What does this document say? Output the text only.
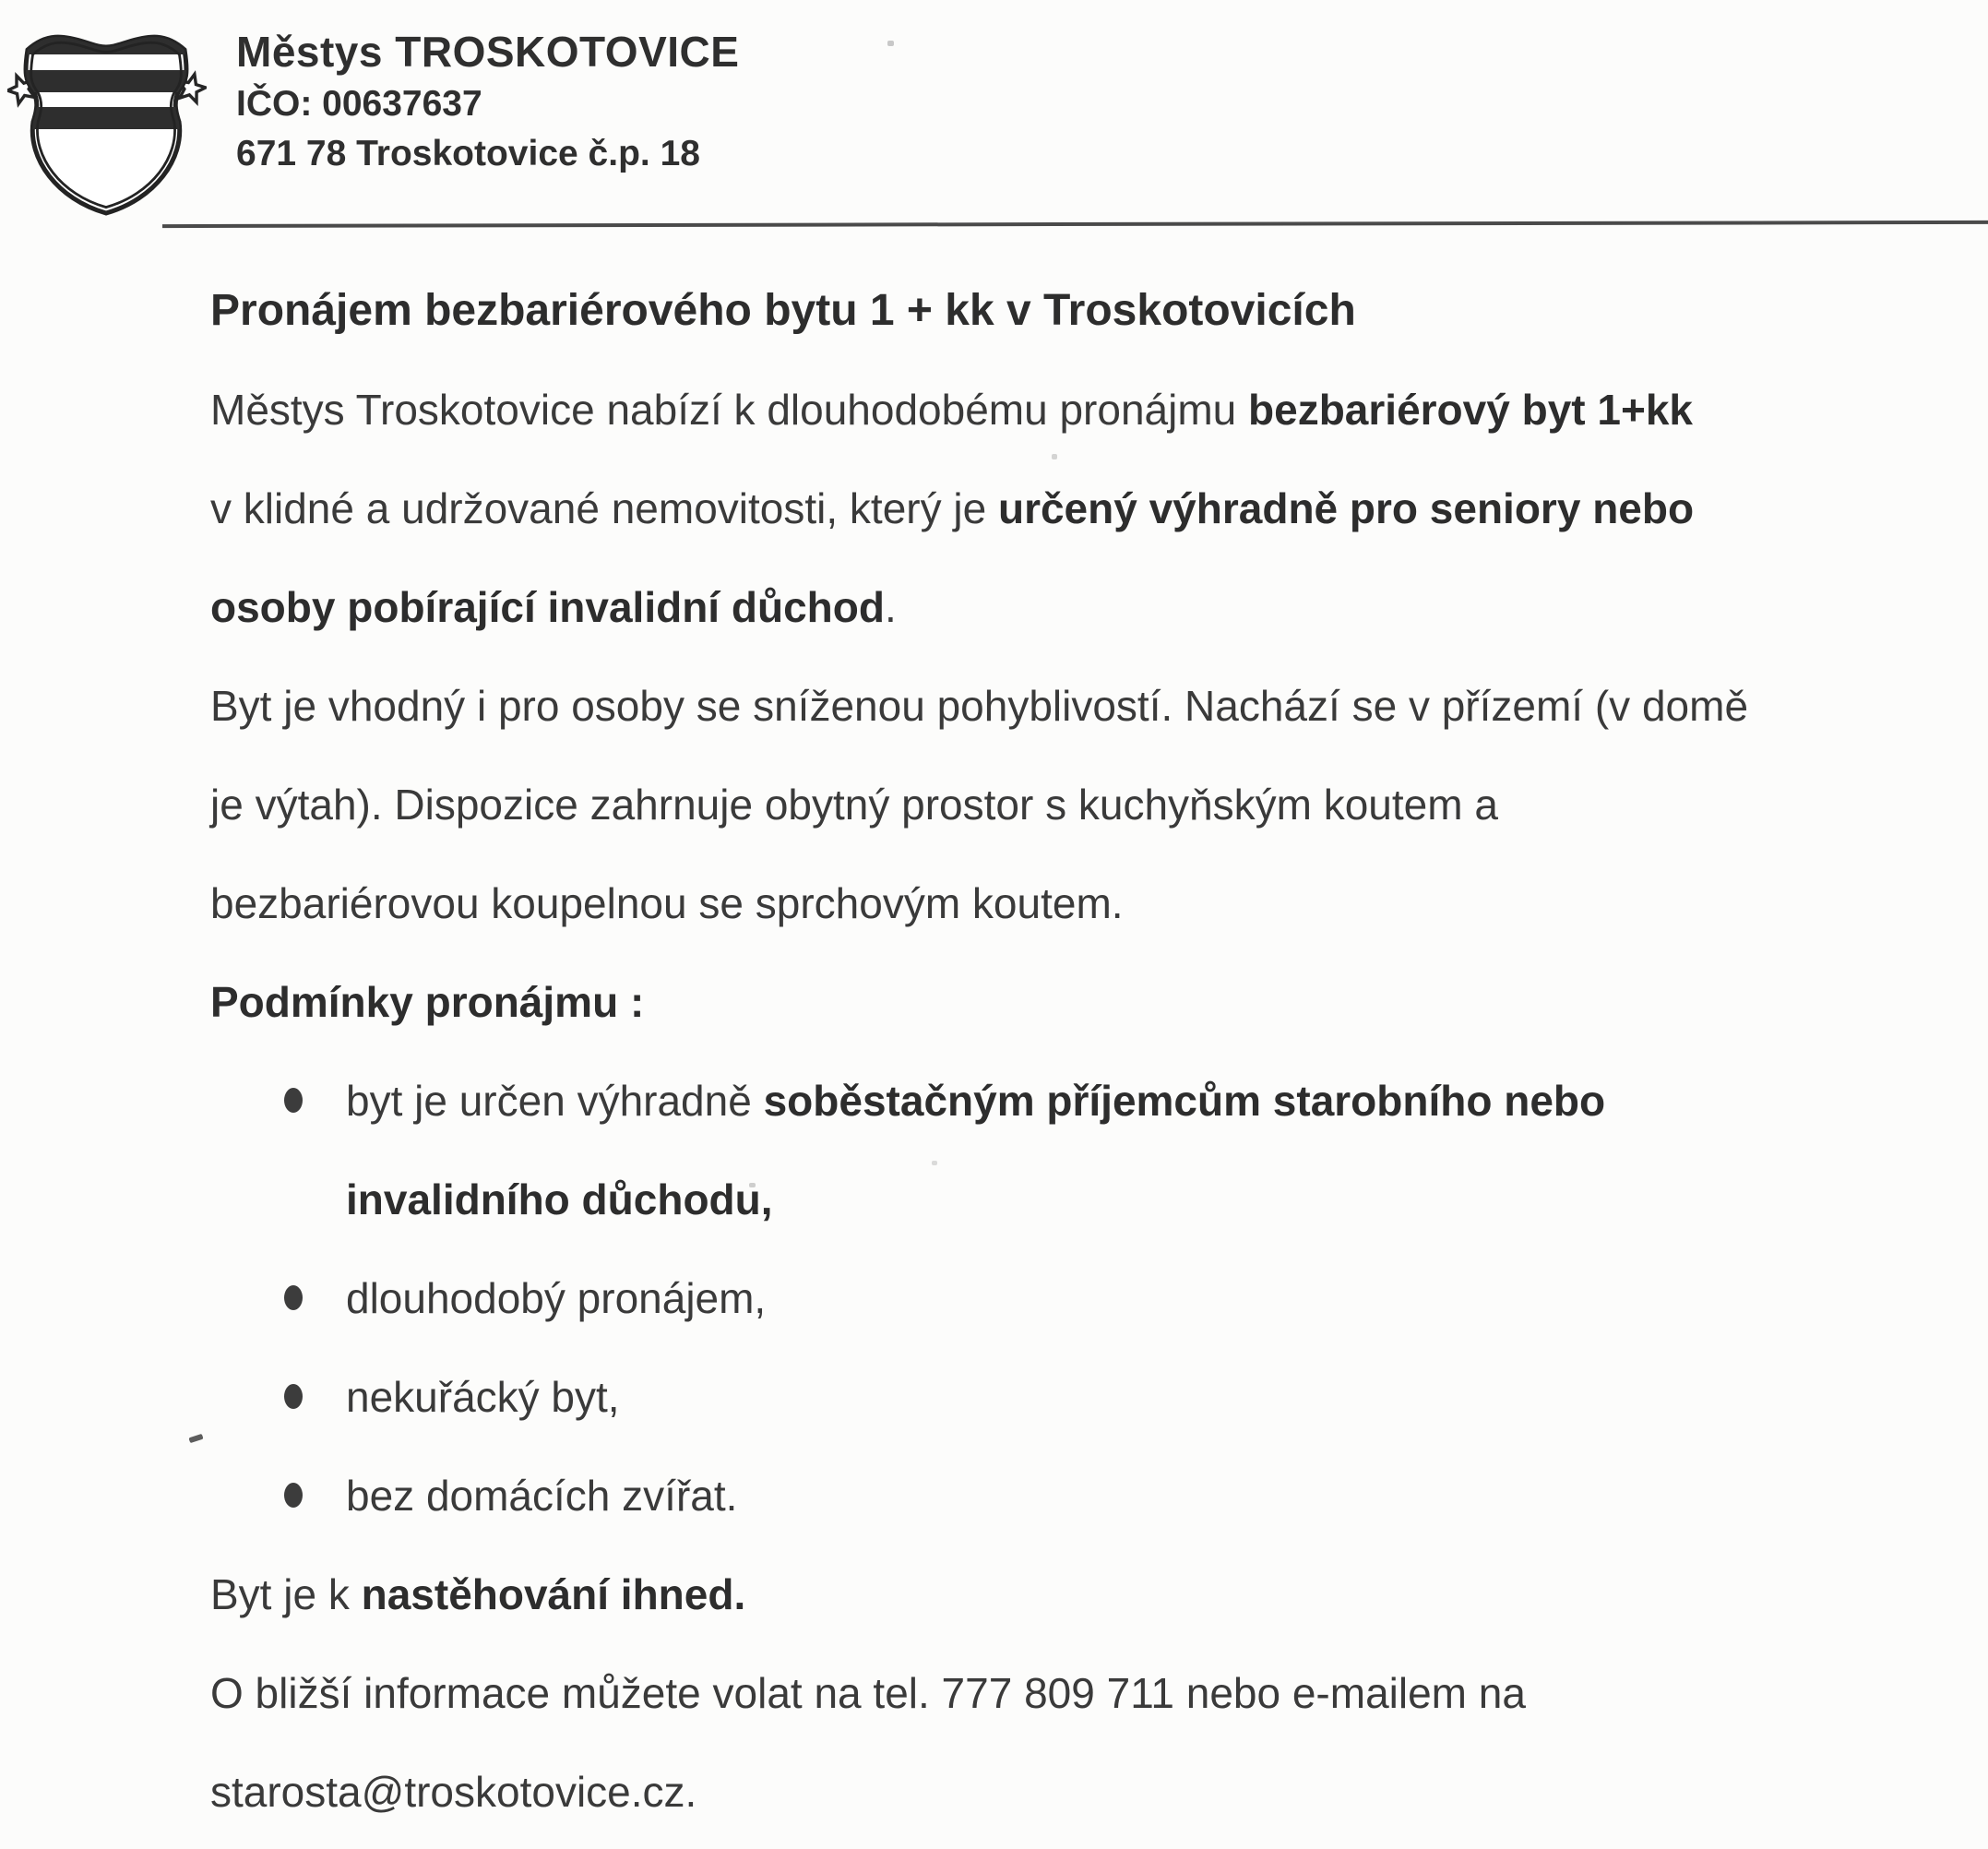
Městys TROSKOTOVICE
IČO: 00637637
671 78 Troskotovice č.p. 18
Pronájem bezbariérového bytu 1 + kk v Troskotovicích
Městys Troskotovice nabízí k dlouhodobému pronájmu bezbariérový byt 1+kk
v klidné a udržované nemovitosti, který je určený výhradně pro seniory nebo
osoby pobírající invalidní důchod .
Byt je vhodný i pro osoby se sníženou pohyblivostí. Nachází se v přízemí (v domě
je výtah). Dispozice zahrnuje obytný prostor s kuchyňským koutem a
bezbariérovou koupelnou se sprchovým koutem.
Podmínky pronájmu :
byt je určen výhradně soběstačným příjemcům starobního nebo
invalidního důchodu,
dlouhodobý pronájem,
nekuřácký byt,
bez domácích zvířat.
Byt je k nastěhování ihned.
O bližší informace můžete volat na tel. 777 809 711 nebo e-mailem na
starosta@troskotovice.cz.
